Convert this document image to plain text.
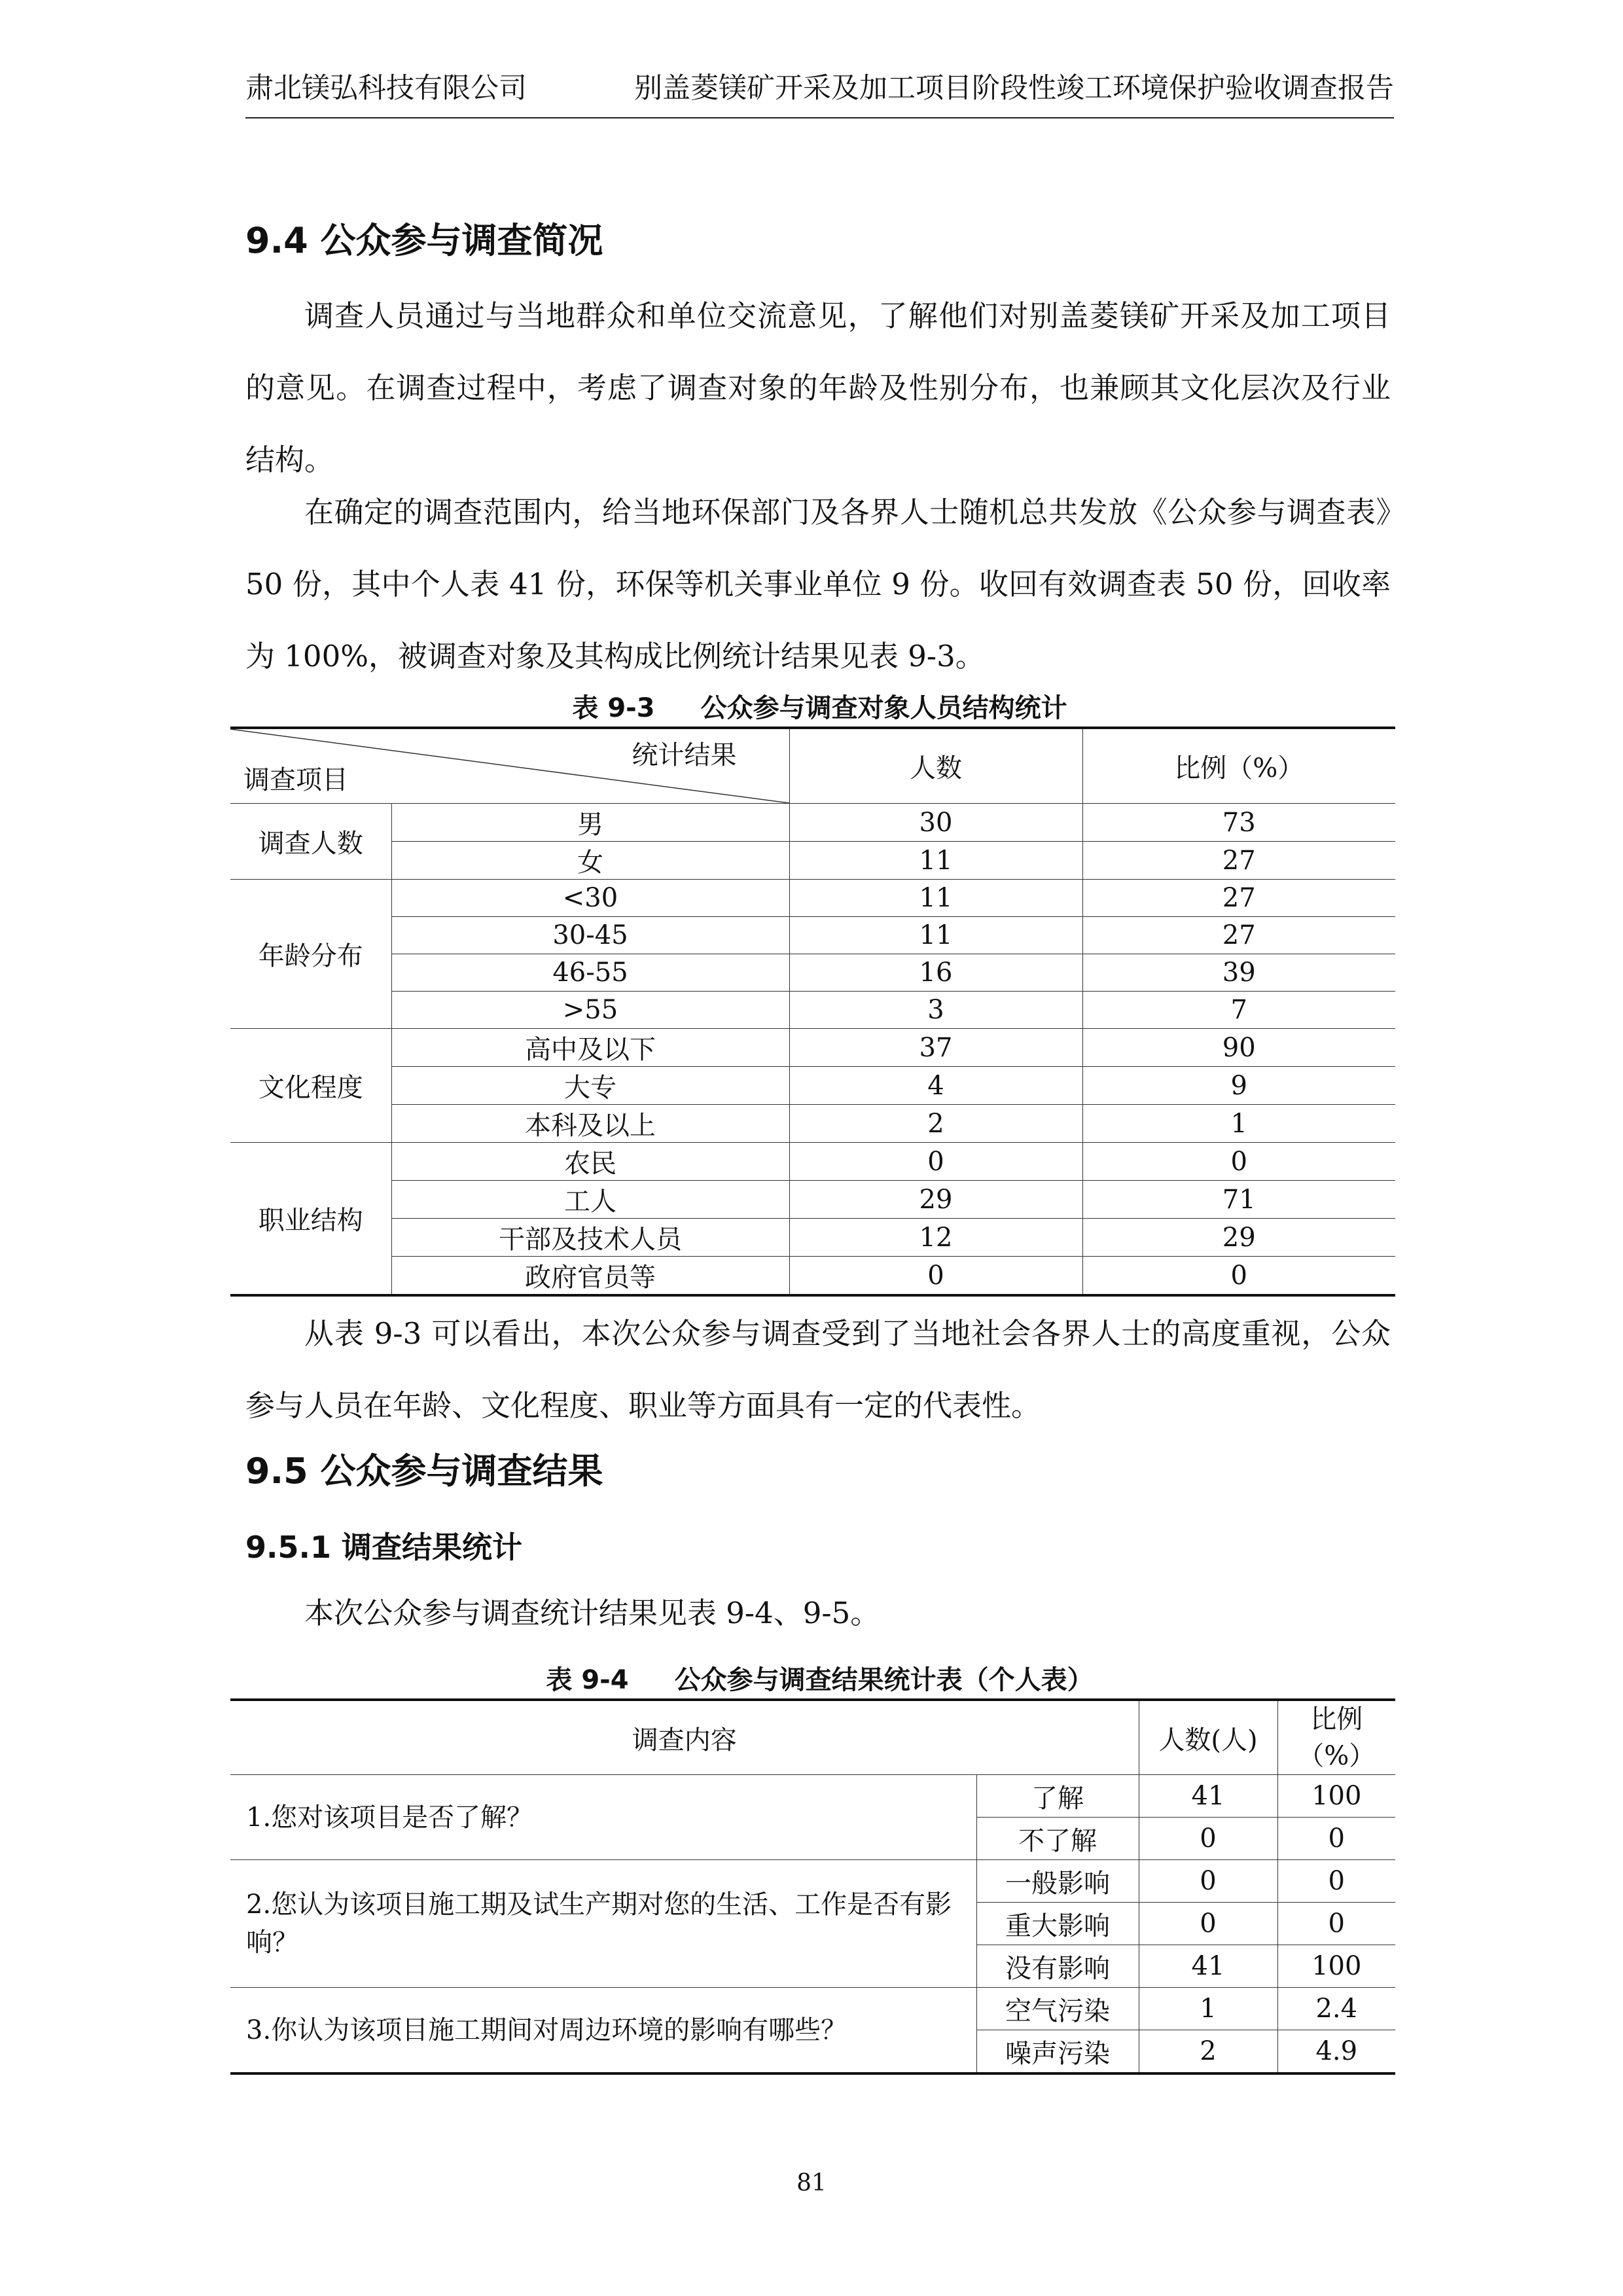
肃北镁弘科技有限公司	别盖菱镁矿开采及加工项目阶段性竣工环境保护验收调查报告
9.4 公众参与调查简况

调查人员通过与当地群众和单位交流意见，了解他们对别盖菱镁矿开采及加工项目的意见。在调查过程中，考虑了调查对象的年龄及性别分布，也兼顾其文化层次及行业结构。

在确定的调查范围内，给当地环保部门及各界人士随机总共发放《公众参与调查表》50 份，其中个人表 41 份，环保等机关事业单位 9 份。收回有效调查表 50 份，回收率为 100%，被调查对象及其构成比例统计结果见表 9-3。

表 9-3 公众参与调查对象人员结构统计
统计结果
调查项目		人数	比例（%）
调查人数	男	30	73
	女	11	27
年龄分布	<30	11	27
	30-45	11	27
	46-55	16	39
	>55	3	7
文化程度	高中及以下	37	90
	大专	4	9
	本科及以上	2	1
职业结构	农民	0	0
	工人	29	71
	干部及技术人员	12	29
	政府官员等	0	0

从表 9-3 可以看出，本次公众参与调查受到了当地社会各界人士的高度重视，公众参与人员在年龄、文化程度、职业等方面具有一定的代表性。

9.5 公众参与调查结果
9.5.1 调查结果统计

本次公众参与调查统计结果见表 9-4、9-5。

表 9-4 公众参与调查结果统计表（个人表）
调查内容		人数(人)	比例
（%）

1.您对该项目是否了解？	了解	41	100
	不了解	0	0
2.您认为该项目施工期及试生产期对您的生活、工作是否有影响？	一般影响	0	0
	重大影响	0	0
	没有影响	41	100
3.你认为该项目施工期间对周边环境的影响有哪些？	空气污染	1	2.4
	噪声污染	2	4.9
81
